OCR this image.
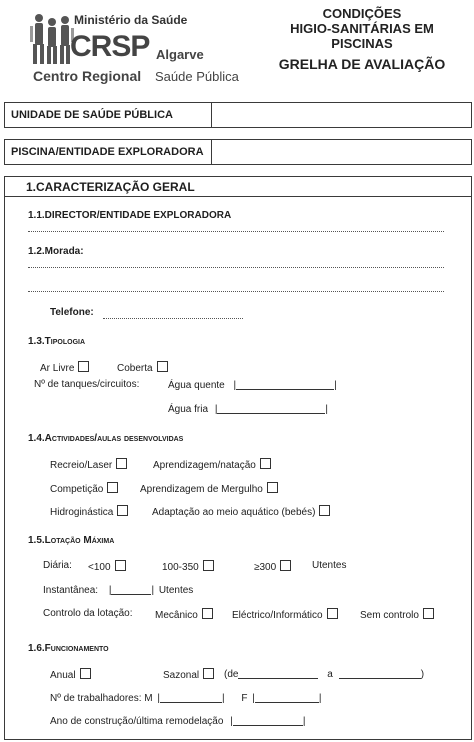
Ministério da Saúde
CRSP Algarve
Centro Regional Saúde Pública
CONDIÇÕES
HIGIO-SANITÁRIAS EM
PISCINAS
GRELHA DE AVALIAÇÃO
UNIDADE DE SAÚDE PÚBLICA
PISCINA/ENTIDADE EXPLORADORA
1.CARACTERIZAÇÃO GERAL
1.1.DIRECTOR/ENTIDADE EXPLORADORA
1.2.Morada:
Telefone:
1.3.Tipologia
Ar Livre	Coberta
Nº de tanques/circuitos:	Água quente |	|
Água fria |	|
1.4.Actividades/aulas desenvolvidas
Recreio/Laser	Aprendizagem/natação
Competição	Aprendizagem de Mergulho
Hidroginástica	Adaptação ao meio aquático (bebés)
1.5.Lotação Máxima
Diária: <100	100-350	≥300	Utentes
Instantânea: |	| Utentes
Controlo da lotação: Mecânico	Eléctrico/Informático	Sem controlo
1.6.Funcionamento
Anual	Sazonal	(de	a	)
Nº de trabalhadores: M |	| F |	|
Ano de construção/última remodelação |	|
